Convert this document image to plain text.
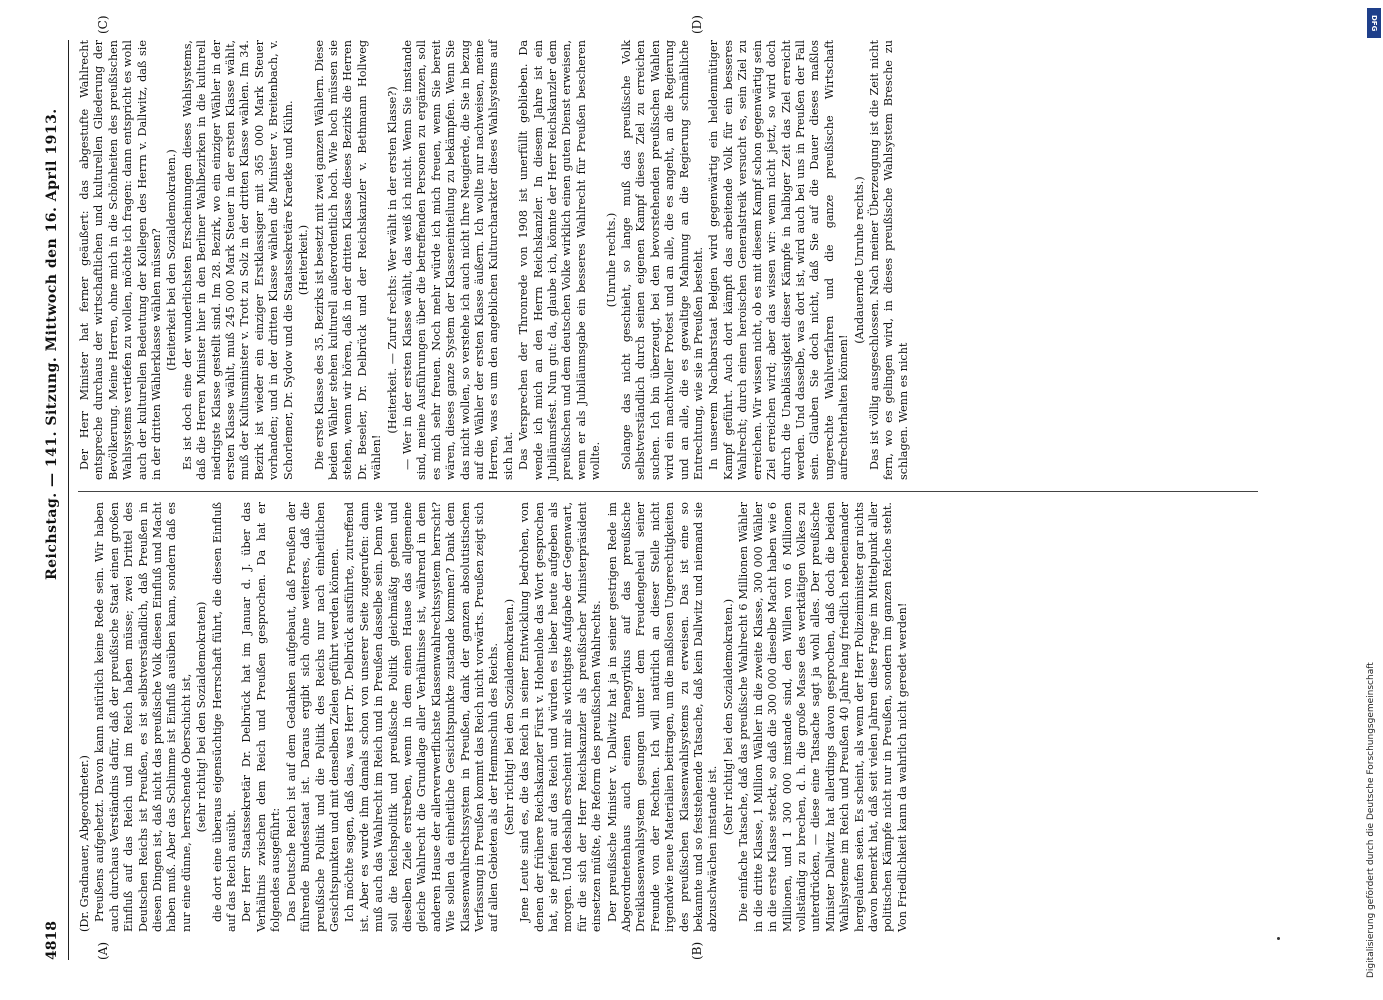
4818
Reichstag. — 141. Sitzung. Mittwoch den 16. April 1913.
(A)	(B)
(C)	(D)

(Dr. Gradnauer, Abgeordneter.) Preußens aufgehetzt. Davon kann natürlich keine Rede sein. Wir haben auch durchaus Verständnis dafür, daß der preußische Staat einen großen Einfluß auf das Reich und im Reich haben müsse; zwei Drittel des Deutschen Reichs ist Preußen, es ist selbstverständlich, daß Preußen in diesen Dingen ist, daß nicht das preußische Volk diesen Einfluß und Macht haben muß. Aber das Schlimme ist Einfluß ausüben kann, sondern daß es nur eine dünne, herrschende Oberschicht ist, (sehr richtig! bei den Sozialdemokraten) die dort eine überaus eigensüchtige Herrschaft führt, die diesen Einfluß auf das Reich ausübt. Der Herr Staatssekretär Dr. Delbrück hat im Januar d. J. über das Verhältnis zwischen dem Reich und Preußen gesprochen. Da hat er folgendes ausgeführt: Das Deutsche Reich ist auf dem Gedanken aufgebaut, daß Preußen der führende Bundesstaat ist. Daraus ergibt sich ohne weiteres, daß die preußische Politik und die Politik des Reichs nur nach einheitlichen Gesichtspunkten und mit denselben Zielen geführt werden können. Ich möchte sagen, daß das, was Herr Dr. Delbrück ausführte, zutreffend ist. Aber es wurde ihm damals schon von unserer Seite zugerufen: dann muß auch das Wahlrecht im Reich und in Preußen dasselbe sein. Denn wie soll die Reichspolitik und preußische Politik gleichmäßig gehen und dieselben Ziele erstreben, wenn in dem einen Hause das allgemeine gleiche Wahlrecht die Grundlage aller Verhältnisse ist, während in dem anderen Hause der allerverwerflichste Klassenwahlrechtssystem herrscht? Wie sollen da einheitliche Gesichtspunkte zustande kommen? Dank dem Klassenwahlrechtssystem in Preußen, dank der ganzen absolutistischen Verfassung in Preußen kommt das Reich nicht vorwärts. Preußen zeigt sich auf allen Gebieten als der Hemmschuh des Reichs. (Sehr richtig! bei den Sozialdemokraten.) Jene Leute sind es, die das Reich in seiner Entwicklung bedrohen, von denen der frühere Reichskanzler Fürst v. Hohenlohe das Wort gesprochen hat, sie pfeifen auf das Reich und würden es lieber heute aufgeben als morgen. Und deshalb erscheint mir als wichtigste Aufgabe der Gegenwart, für die sich der Herr Reichskanzler als preußischer Ministerpräsident einsetzen müßte, die Reform des preußischen Wahlrechts. Der preußische Minister v. Dallwitz hat ja in seiner gestrigen Rede im Abgeordnetenhaus auch einen Panegyrikus auf das preußische Dreiklassenwahlsystem gesungen unter dem Freudengeheul seiner Freunde von der Rechten. Ich will natürlich an dieser Stelle nicht irgendwie neue Materialien beitragen, um die maßlosen Ungerechtigkeiten des preußischen Klassenwahlsystems zu erweisen. Das ist eine so bekannte und so feststehende Tatsache, daß kein Dallwitz und niemand sie abzuschwächen imstande ist.

(Sehr richtig! bei den Sozialdemokraten.) Die einfache Tatsache, daß das preußische Wahlrecht 6 Millionen Wähler in die dritte Klasse, 1 Million Wähler in die zweite Klasse, 300 000 Wähler in die erste Klasse steckt, so daß die 300 000 dieselbe Macht haben wie 6 Millionen, und 1 300 000 imstande sind, den Willen von 6 Millionen vollständig zu brechen, d. h. die große Masse des werktätigen Volkes zu unterdrücken, — diese eine Tatsache sagt ja wohl alles. Der preußische Minister Dallwitz hat allerdings davon gesprochen, daß doch die beiden Wahlsysteme im Reich und Preußen 40 Jahre lang friedlich nebeneinander hergelaufen seien. Es scheint, als wenn der Herr Polizeiminister gar nichts davon bemerkt hat, daß seit vielen Jahren diese Frage im Mittelpunkt aller politischen Kämpfe nicht nur in Preußen, sondern im ganzen Reiche steht. Von Friedlichkeit kann da wahrlich nicht geredet werden!

Der Herr Minister hat ferner geäußert: das abgestufte Wahlrecht entspreche durchaus der wirtschaftlichen und kulturellen Gliederung der Bevölkerung. Meine Herren, ohne mich in die Schönheiten des preußischen Wahlsystems vertiefen zu wollen, möchte ich fragen: dann entspricht es wohl auch der kulturellen Bedeutung der Kollegen des Herrn v. Dallwitz, daß sie in der dritten Wählerklasse wählen müssen? (Heiterkeit bei den Sozialdemokraten.) Es ist doch eine der wunderlichsten Erscheinungen dieses Wahlsystems, daß die Herren Minister hier in den Berliner Wahlbezirken in die kulturell niedrigste Klasse gestellt sind. Im 28. Bezirk, wo ein einziger Wähler in der ersten Klasse wählt, muß 245 000 Mark Steuer in der ersten Klasse wählt, muß der Kultusminister v. Trott zu Solz in der dritten Klasse wählen. Im 34. Bezirk ist wieder ein einziger Erstklassiger mit 365 000 Mark Steuer vorhanden; und in der dritten Klasse wählen die Minister v. Breitenbach, v. Schorlemer, Dr. Sydow und die Staatssekretäre Kraetke und Kühn. (Heiterkeit.) Die erste Klasse des 35. Bezirks ist besetzt mit zwei ganzen Wählern. Diese beiden Wähler stehen kulturell außerordentlich hoch. Wie hoch müssen sie stehen, wenn wir hören, daß in der dritten Klasse dieses Bezirks die Herren Dr. Beseler, Dr. Delbrück und der Reichskanzler v. Bethmann Hollweg wählen!

(Heiterkeit. — Zuruf rechts: Wer wählt in der ersten Klasse?) — Wer in der ersten Klasse wählt, das weiß ich nicht. Wenn Sie imstande sind, meine Ausführungen über die betreffenden Personen zu ergänzen, soll es mich sehr freuen. Noch mehr würde ich mich freuen, wenn Sie bereit wären, dieses ganze System der Klasseneinteilung zu bekämpfen. Wenn Sie das nicht wollen, so verstehe ich auch nicht Ihre Neugierde, die Sie in bezug auf die Wähler der ersten Klasse äußern. Ich wollte nur nachweisen, meine Herren, was es um den angeblichen Kulturcharakter dieses Wahlsystems auf sich hat. Das Versprechen der Thronrede von 1908 ist unerfüllt geblieben. Da wende ich mich an den Herrn Reichskanzler. In diesem Jahre ist ein Jubiläumsfest. Nun gut: da, glaube ich, könnte der Herr Reichskanzler dem preußischen und dem deutschen Volke wirklich einen guten Dienst erweisen, wenn er als Jubiläumsgabe ein besseres Wahlrecht für Preußen bescheren wollte.

(Unruhe rechts.) Solange das nicht geschieht, so lange muß das preußische Volk selbstverständlich durch seinen eigenen Kampf dieses Ziel zu erreichen suchen. Ich bin überzeugt, bei den bevorstehenden preußischen Wahlen wird ein machtvoller Protest und an alle, die es angeht, an die Regierung und an alle, die es gewaltige Mahnung an die Regierung schmähliche Entrechtung, wie sie in Preußen besteht. In unserem Nachbarstaat Belgien wird gegenwärtig ein heldenmütiger Kampf geführt. Auch dort kämpft das arbeitende Volk für ein besseres Wahlrecht; durch einen heroischen Generalstreik versucht es, sein Ziel zu erreichen. Wir wissen nicht, ob es mit diesem Kampf schon gegenwärtig sein Ziel erreichen wird; aber das wissen wir: wenn nicht jetzt, so wird doch durch die Unablässigkeit dieser Kämpfe in halbiger Zeit das Ziel erreicht werden. Und dasselbe, was dort ist, wird auch bei uns in Preußen der Fall sein. Glauben Sie doch nicht, daß Sie auf die Dauer dieses maßlos ungerechte Wahlverfahren und die ganze preußische Wirtschaft aufrechterhalten können!

(Andauernde Unruhe rechts.) Das ist völlig ausgeschlossen. Nach meiner Überzeugung ist die Zeit nicht fern, wo es gelingen wird, in dieses preußische Wahlsystem Bresche zu schlagen. Wenn es nicht

DFG
Digitalisierung gefördert durch die Deutsche Forschungsgemeinschaft
